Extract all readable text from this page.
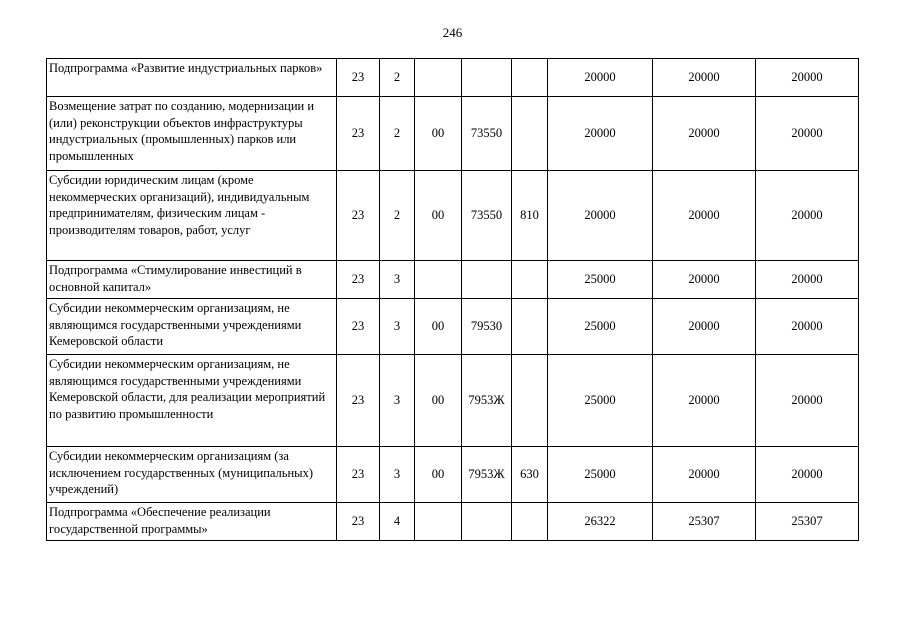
246
Подпрограмма «Развитие индустриальных парков»	23	2				20000	20000	20000
Возмещение затрат по созданию, модернизации и (или) реконструкции объектов инфраструктуры индустриальных (промышленных) парков или промышленных	23	2	00	73550		20000	20000	20000
Субсидии юридическим лицам (кроме некоммерческих организаций), индивидуальным предпринимателям, физическим лицам - производителям товаров, работ, услуг	23	2	00	73550	810	20000	20000	20000
Подпрограмма «Стимулирование инвестиций в основной капитал»	23	3				25000	20000	20000
Субсидии некоммерческим организациям, не являющимся государственными учреждениями Кемеровской области	23	3	00	79530		25000	20000	20000
Субсидии некоммерческим организациям, не являющимся государственными учреждениями Кемеровской области, для реализации мероприятий по развитию промышленности	23	3	00	7953Ж		25000	20000	20000
Субсидии некоммерческим организациям (за исключением государственных (муниципальных) учреждений)	23	3	00	7953Ж	630	25000	20000	20000
Подпрограмма «Обеспечение реализации государственной программы»	23	4				26322	25307	25307
